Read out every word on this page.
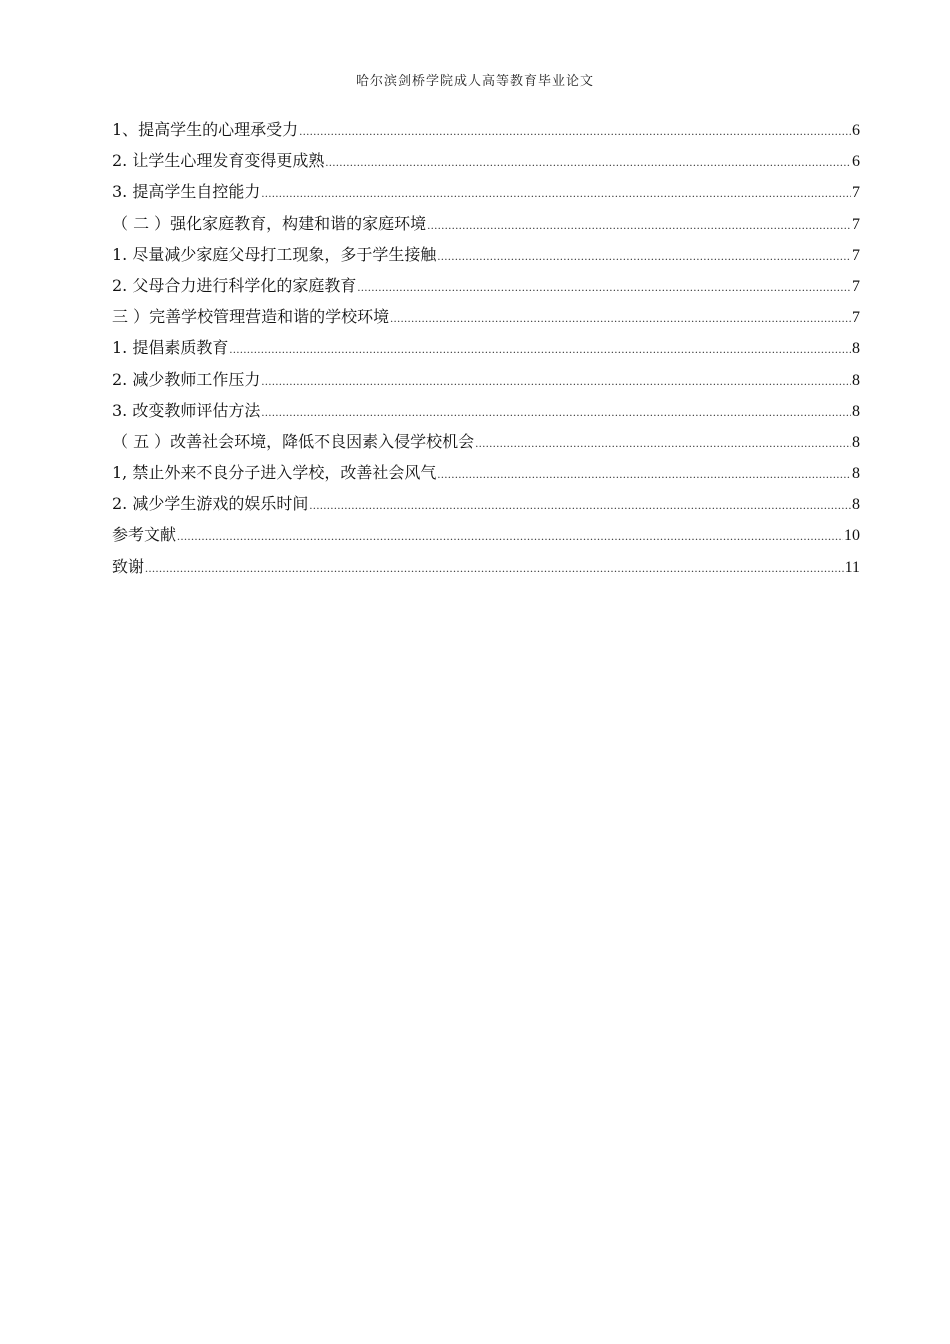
哈尔滨剑桥学院成人高等教育毕业论文
1、提高学生的心理承受力 .....	6
2. 让学生心理发育变得更成熟 .....	6
3. 提高学生自控能力 .....	7
（ 二 ）强化家庭教育，构建和谐的家庭环境 .....	7
1. 尽量减少家庭父母打工现象，多于学生接触 .....	7
2. 父母合力进行科学化的家庭教育 .....	7
三 ）完善学校管理营造和谐的学校环境 .....	7
1. 提倡素质教育 .....	8
2. 减少教师工作压力 .....	8
3. 改变教师评估方法 .....	8
（ 五 ）改善社会环境，降低不良因素入侵学校机会 .....	8
1, 禁止外来不良分子进入学校，改善社会风气 .....	8
2. 减少学生游戏的娱乐时间 .....	8
参考文献 .....	10
致谢 .....	11
